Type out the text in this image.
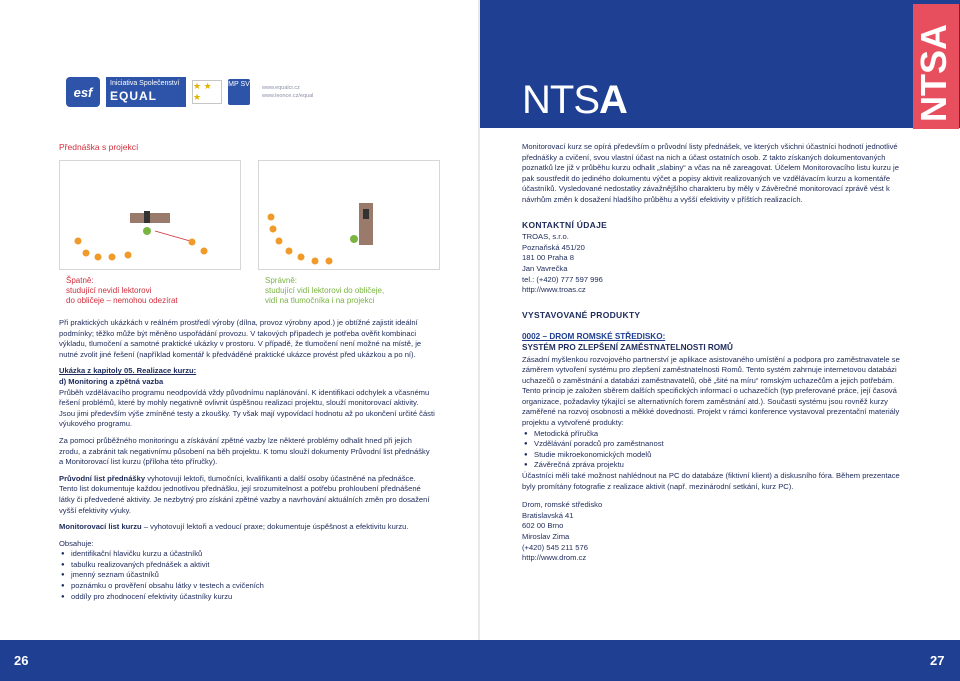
esf
Iniciativa Společenství
EQUAL
★ ★ ★
MP SV www.equalcr.cz
www.leonce.cz/equal	NTSA	NTSA
Přednáška s projekcí
Špatně:
studující nevidí lektorovi
do obličeje – nemohou odezírat
Správně:
studující vidí lektorovi do obličeje,
vidí na tlumočníka i na projekci

Při praktických ukázkách v reálném prostředí výroby (dílna, provoz výrobny apod.) je obtížné zajistit ideální podmínky; těžko může být měněno uspořádání provozu. V takových případech je potřeba ověřit kombinaci výkladu, tlumočení a samotné praktické ukázky v prostoru. V případě, že tlumočení není možné na místě, je nutné zvolit jiné řešení (například komentář k předváděné praktické ukázce provést před ukázkou a po ní).

Ukázka z kapitoly 05. Realizace kurzu:

d) Monitoring a zpětná vazba

Průběh vzdělávacího programu neodpovídá vždy původnímu naplánování. K identifikaci odchylek a včasnému řešení problémů, které by mohly negativně ovlivnit úspěšnou realizaci projektu, slouží monitorovací aktivity. Jsou jimi především výše zmíněné testy a zkoušky. Ty však mají vypovídací hodnotu až po ukončení určité části výukového programu.

Za pomoci průběžného monitoringu a získávání zpětné vazby lze některé problémy odhalit hned při jejich zrodu, a zabránit tak negativnímu působení na běh projektu. K tomu slouží dokumenty Průvodní list přednášky a Monitorovací list kurzu (příloha této příručky).

Průvodní list přednášky vyhotovují lektoři, tlumočníci, kvalifikanti a další osoby účastněné na přednášce. Tento list dokumentuje každou jednotlivou přednášku, její srozumitelnost a potřebu prohloubení přednášené látky či předvedené aktivity. Je nezbytný pro získání zpětné vazby a navrhování aktuálních změn pro dosažení vyšší efektivity výuky.

Monitorovací list kurzu – vyhotovují lektoři a vedoucí praxe; dokumentuje úspěšnost a efektivitu kurzu.

Obsahuje:

● identifikační hlavičku kurzu a účastníků
● tabulku realizovaných přednášek a aktivit
● jmenný seznam účastníků
● poznámku o prověření obsahu látky v testech a cvičeních
● oddíly pro zhodnocení efektivity účastníky kurzu

Monitorovací kurz se opírá především o průvodní listy přednášek, ve kterých všichni účastníci hodnotí jednotlivé přednášky a cvičení, svou vlastní účast na nich a účast ostatních osob. Z takto získaných dokumentovaných poznatků lze již v průběhu kurzu odhalit „slabiny“ a včas na ně zareagovat. Účelem Monitorovacího listu kurzu je pak soustředit do jediného dokumentu výčet a popisy aktivit realizovaných ve vzdělávacím kurzu a komentáře účastníků. Vysledované nedostatky závažnějšího charakteru by měly v Závěrečné monitorovací zprávě vést k návrhům změn k dosažení hladšího průběhu a vyšší efektivity v příštích realizacích.

KONTAKTNÍ ÚDAJE
TROAS, s.r.o.
Poznaňská 451/20
181 00 Praha 8
Jan Vavrečka
tel.: (+420) 777 597 996
http://www.troas.cz
VYSTAVOVANÉ PRODUKTY
0002 – DROM ROMSKÉ STŘEDISKO:
SYSTÉM PRO ZLEPŠENÍ ZAMĚSTNATELNOSTI ROMŮ

Zásadní myšlenkou rozvojového partnerství je aplikace asistovaného umístění a podpora pro zaměstnavatele se záměrem vytvoření systému pro zlepšení zaměstnatelnosti Romů. Tento systém zahrnuje internetovou databázi uchazečů o zaměstnání a databázi zaměstnavatelů, obě „šité na míru“ romským uchazečům a jejich potřebám. Tento princip je založen sběrem dalších specifických informací o uchazečích (typ preferované práce, její časová organizace, požadavky týkající se alternativních forem zaměstnání atd.). Současti systému jsou rovněž kurzy zaměřené na rozvoj osobnosti a měkké dovednosti. Projekt v rámci konference vystavoval prezentační materiály projektu a vytvořené produkty:

● Metodická příručka
● Vzdělávání poradců pro zaměstnanost
● Studie mikroekonomických modelů
● Závěrečná zpráva projektu

Účastníci měli také možnost nahlédnout na PC do databáze (fiktivní klient) a diskusního fóra. Během prezentace byly promítány fotografie z realizace aktivit (např. mezinárodní setkání, kurz PC).

Drom, romské středisko
Bratislavská 41
602 00 Brno
Miroslav Zima
(+420) 545 211 576
http://www.drom.cz
26	27
